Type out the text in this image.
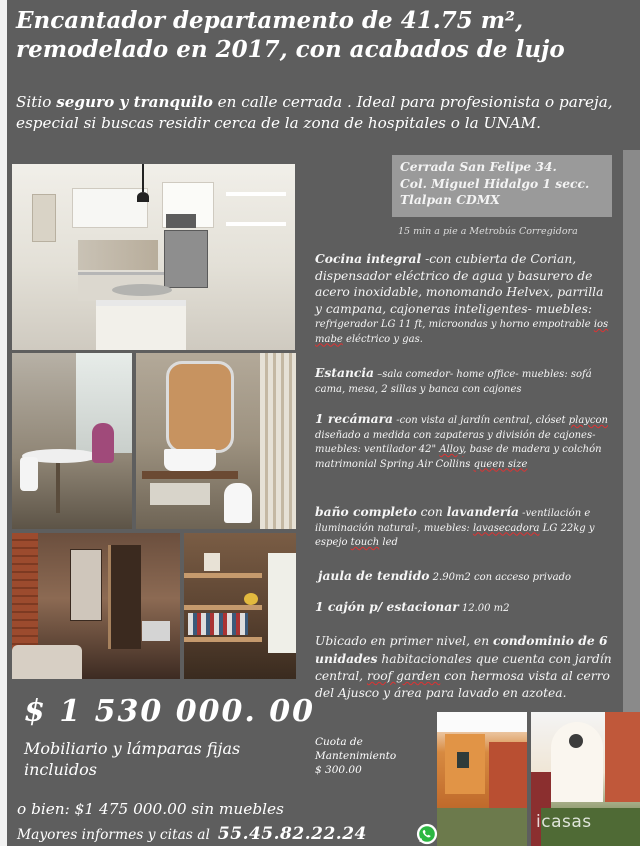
Encantador departamento de 41.75 m²,
remodelado en 2017, con acabados de lujo
Sitio seguro y tranquilo en calle cerrada . Ideal para profesionista o pareja, especial si buscas residir cerca de la zona de hospitales o la UNAM.
Cerrada San Felipe 34.
Col. Miguel Hidalgo 1 secc.
Tlalpan CDMX
15 min a pie a Metrobús Corregidora
Cocina integral -con cubierta de Corian, dispensador eléctrico de agua y basurero de acero inoxidable, monomando Helvex, parrilla y campana, cajoneras inteligentes- muebles: refrigerador LG 11 ft, microondas y horno empotrable ios mabe eléctrico y gas.
Estancia –sala comedor- home office- muebles: sofá cama, mesa, 2 sillas y banca con cajones
1 recámara -con vista al jardín central, clóset playcon diseñado a medida con zapateras y división de cajones- muebles: ventilador 42" Alloy, base de madera y colchón matrimonial Spring Air Collins queen size
baño completo con lavandería -ventilación e iluminación natural-, muebles: lavasecadora LG 22kg y espejo touch led
jaula de tendido 2.90m2 con acceso privado
1 cajón p/ estacionar 12.00 m2
Ubicado en primer nivel, en condominio de 6 unidades habitacionales que cuenta con jardín central, roof garden con hermosa vista al cerro del Ajusco y área para lavado en azotea.
$ 1 530 000. 00
Mobiliario y lámparas fijas incluidos
Cuota de
Mantenimiento
$ 300.00
icasas
o bien: $1 475 000.00 sin muebles
Mayores informes y citas al 55.45.82.22.24
